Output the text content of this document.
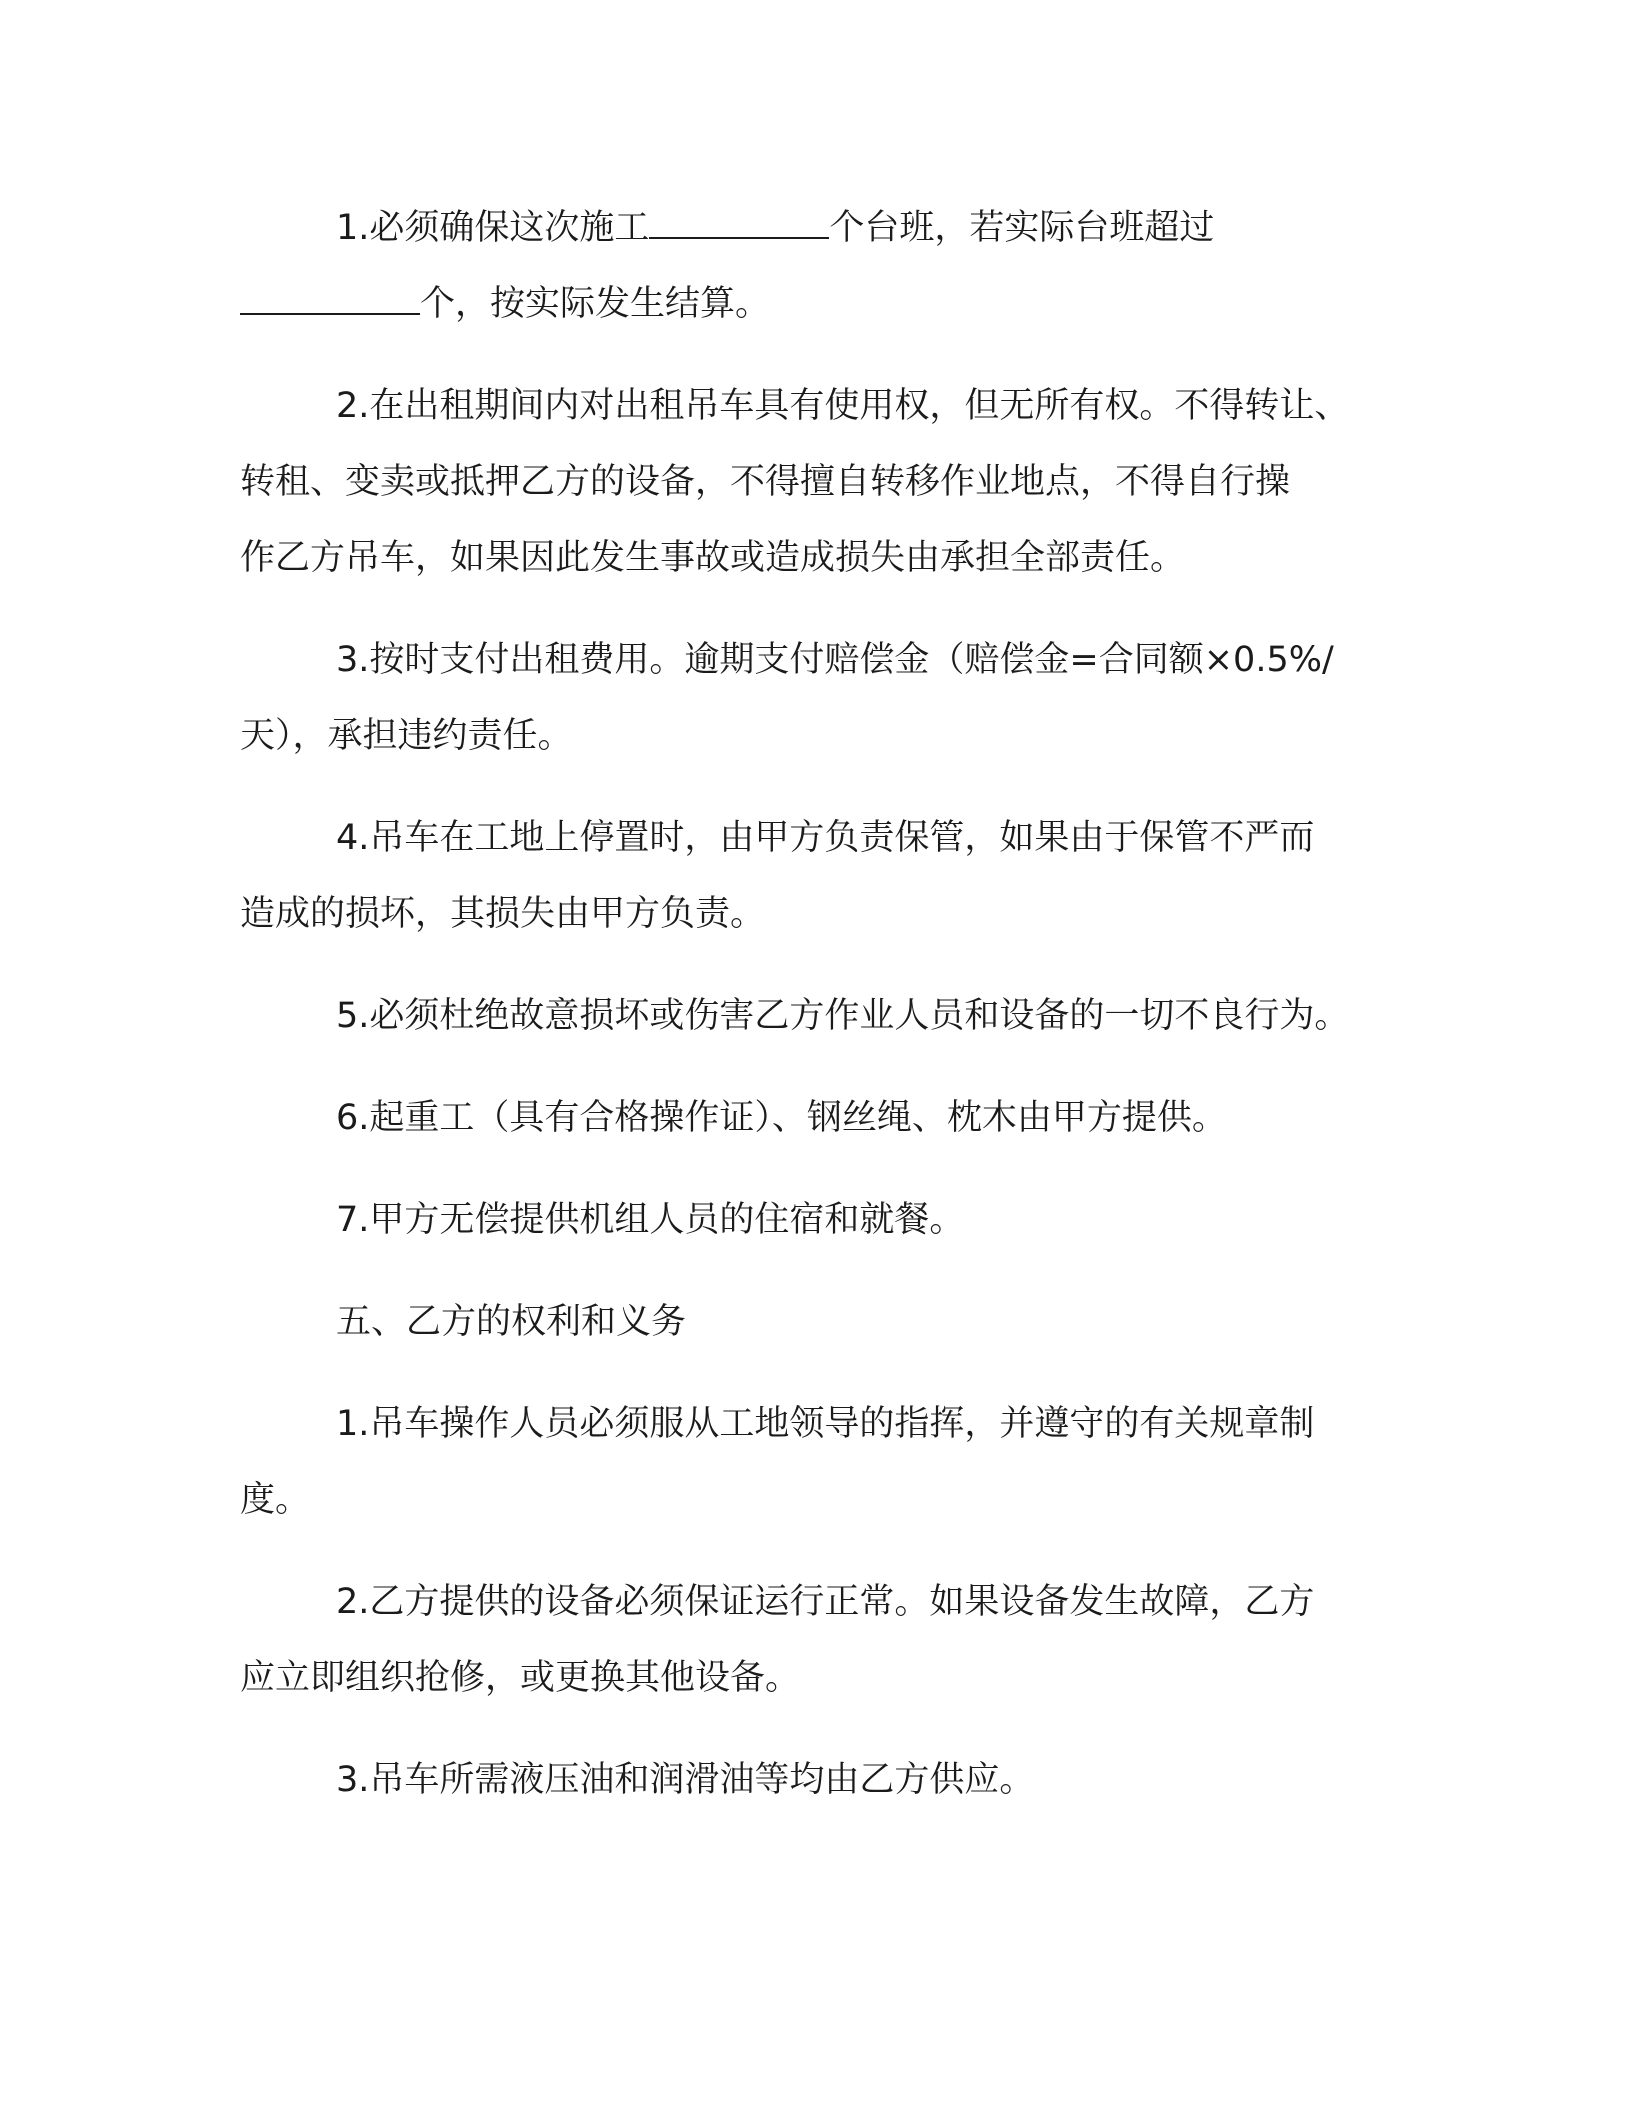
1.必须确保这次施工	个台班，若实际台班超过
个，按实际发生结算。

2.在出租期间内对出租吊车具有使用权，但无所有权。不得转让、
转租、变卖或抵押乙方的设备，不得擅自转移作业地点，不得自行操
作乙方吊车，如果因此发生事故或造成损失由承担全部责任。

3.按时支付出租费用。逾期支付赔偿金（赔偿金=合同额×0.5%/
天），承担违约责任。

4.吊车在工地上停置时，由甲方负责保管，如果由于保管不严而
造成的损坏，其损失由甲方负责。

5.必须杜绝故意损坏或伤害乙方作业人员和设备的一切不良行为。

6.起重工（具有合格操作证）、钢丝绳、枕木由甲方提供。

7.甲方无偿提供机组人员的住宿和就餐。

五、乙方的权利和义务

1.吊车操作人员必须服从工地领导的指挥，并遵守的有关规章制
度。

2.乙方提供的设备必须保证运行正常。如果设备发生故障，乙方
应立即组织抢修，或更换其他设备。

3.吊车所需液压油和润滑油等均由乙方供应。
